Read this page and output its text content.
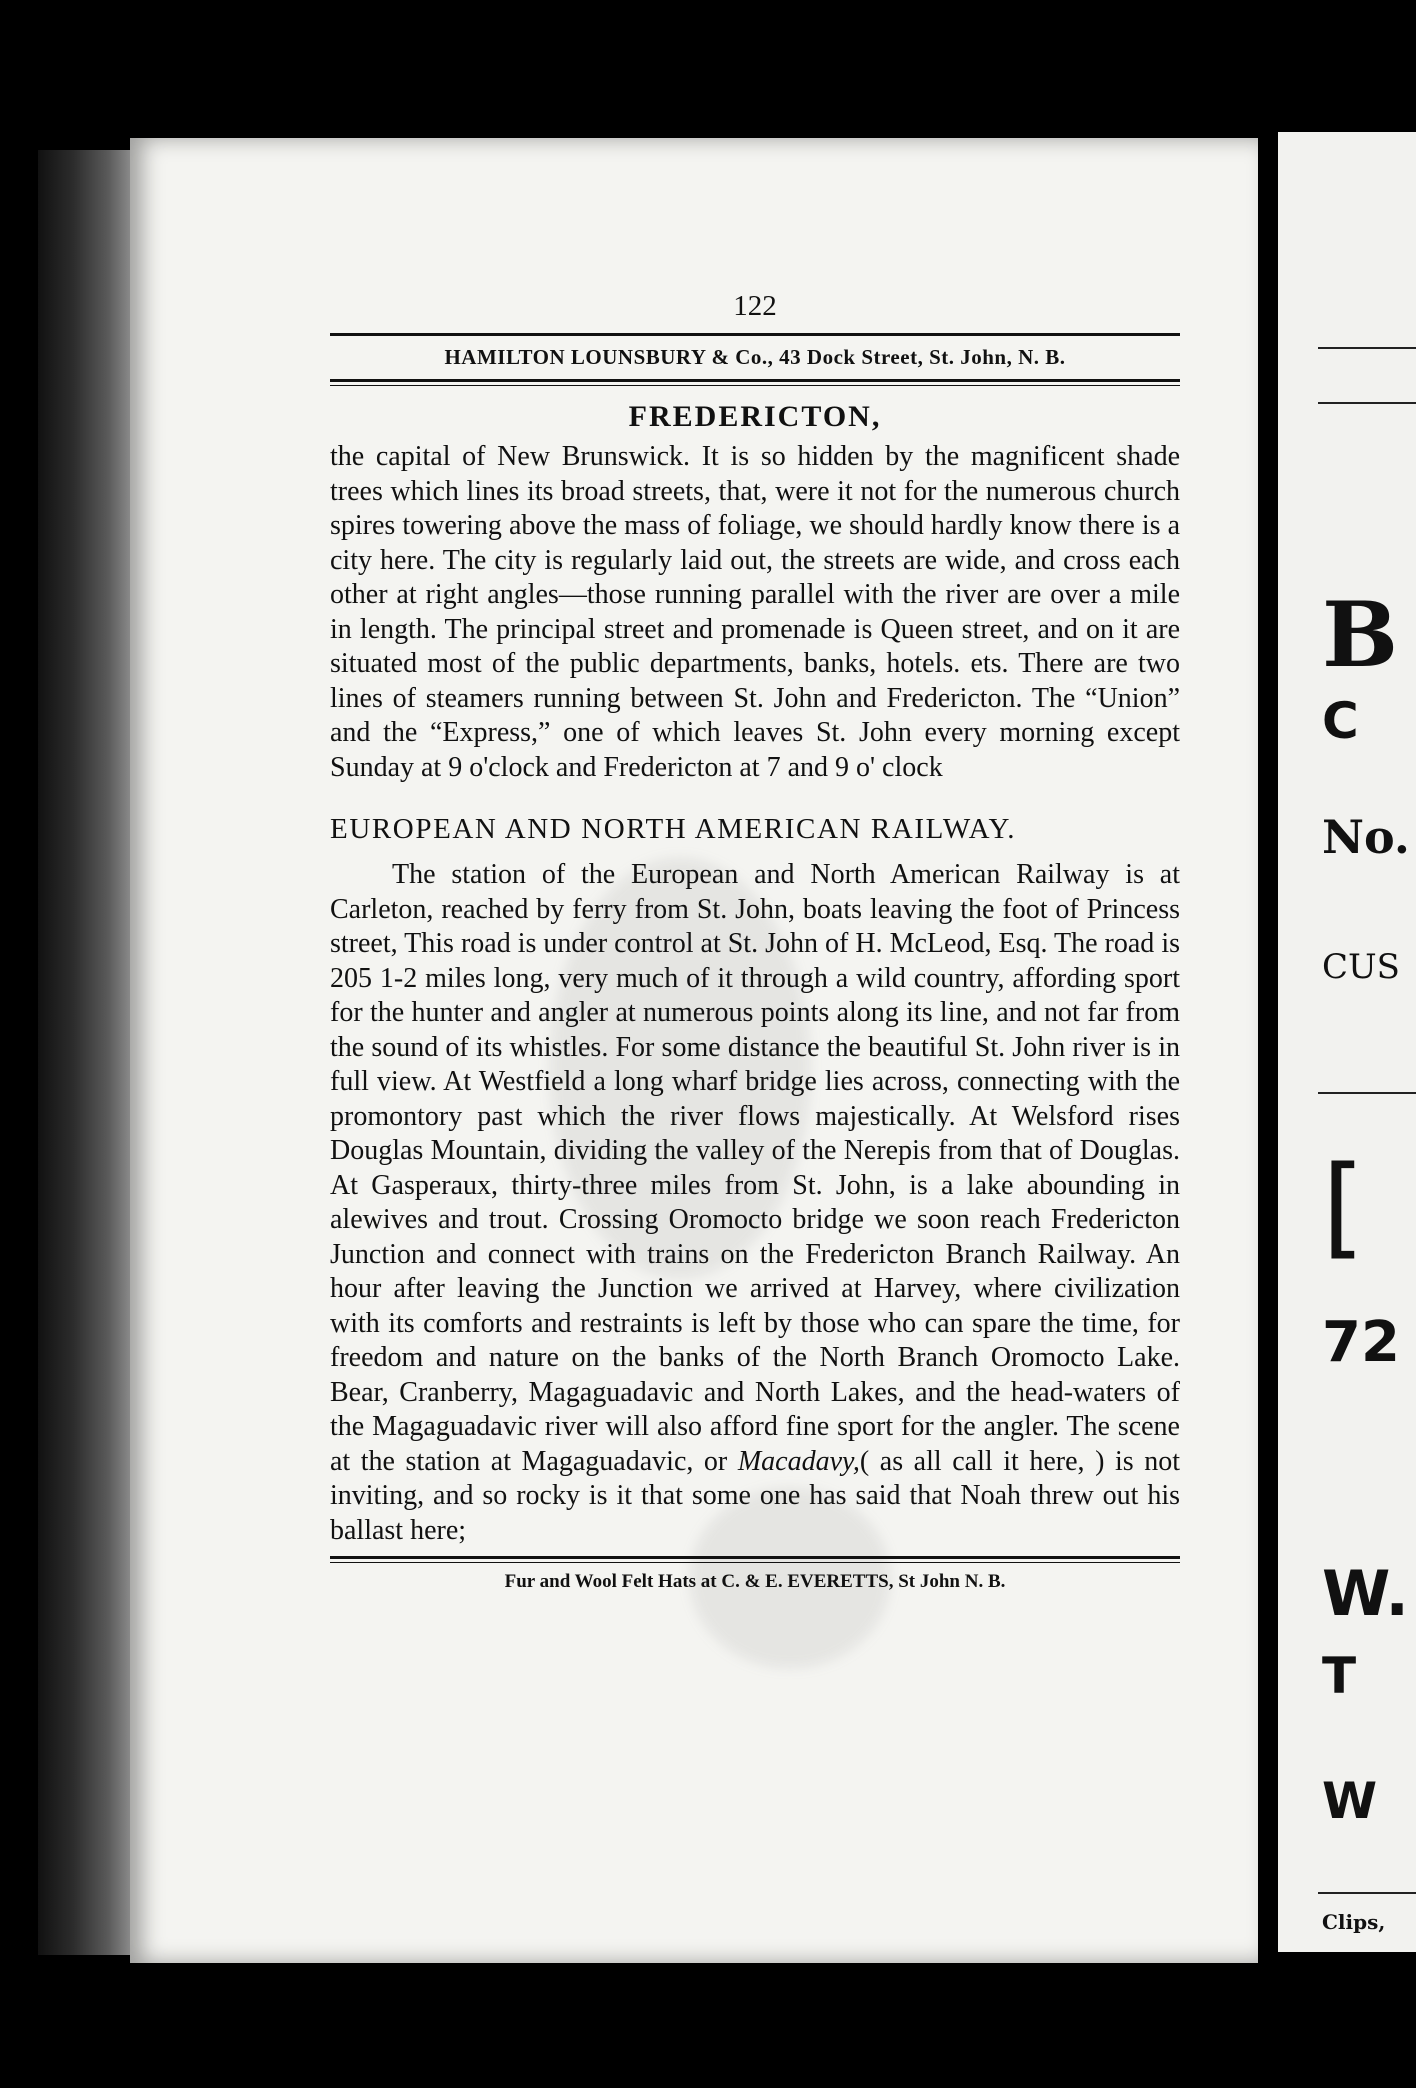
122
HAMILTON LOUNSBURY & Co., 43 Dock Street, St. John, N. B.
FREDERICTON,

the capital of New Brunswick. It is so hidden by the magnificent shade trees which lines its broad streets, that, were it not for the numerous church spires towering above the mass of foliage, we should hardly know there is a city here. The city is regularly laid out, the streets are wide, and cross each other at right angles—those running parallel with the river are over a mile in length. The principal street and promenade is Queen street, and on it are situated most of the public departments, banks, hotels. ets. There are two lines of steamers running between St. John and Fredericton. The “Union” and the “Express,” one of which leaves St. John every morning except Sunday at 9 o'clock and Fredericton at 7 and 9 o' clock

EUROPEAN AND NORTH AMERICAN RAILWAY.

The station of the European and North American Railway is at Carleton, reached by ferry from St. John, boats leaving the foot of Princess street, This road is under control at St. John of H. McLeod, Esq. The road is 205 1-2 miles long, very much of it through a wild country, affording sport for the hunter and angler at numerous points along its line, and not far from the sound of its whistles. For some distance the beautiful St. John river is in full view. At Westfield a long wharf bridge lies across, connecting with the promontory past which the river flows majestically. At Welsford rises Douglas Mountain, dividing the valley of the Nerepis from that of Douglas. At Gasperaux, thirty-three miles from St. John, is a lake abounding in alewives and trout. Crossing Oromocto bridge we soon reach Fredericton Junction and connect with trains on the Fredericton Branch Railway. An hour after leaving the Junction we arrived at Harvey, where civilization with its comforts and restraints is left by those who can spare the time, for freedom and nature on the banks of the North Branch Oromocto Lake. Bear, Cranberry, Magaguadavic and North Lakes, and the head-waters of the Magaguadavic river will also afford fine sport for the angler. The scene at the station at Magaguadavic, or Macadavy,( as all call it here, ) is not inviting, and so rocky is it that some one has said that Noah threw out his ballast here;

Fur and Wool Felt Hats at C. & E. EVERETTS, St John N. B.
B
C
No.
CUS
[
72
W.
T
W
Clips,
